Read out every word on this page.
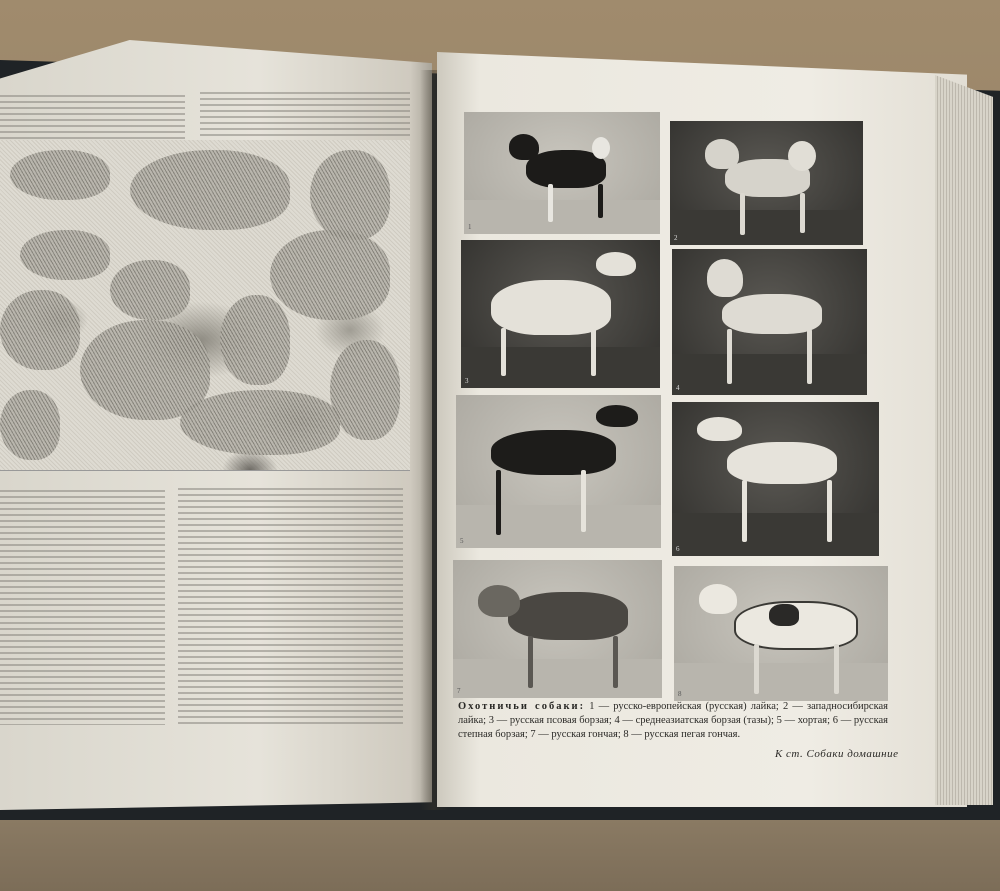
1
2
3
4
5
6
7	8
Охотничьи собаки: 1 — русско-европейская (русская) лайка; 2 — западносибирская лайка; 3 — русская псовая борзая; 4 — среднеазиатская борзая (тазы); 5 — хортая; 6 — русская степная борзая; 7 — русская гончая; 8 — русская пегая гончая.
К ст. Собаки домашние
